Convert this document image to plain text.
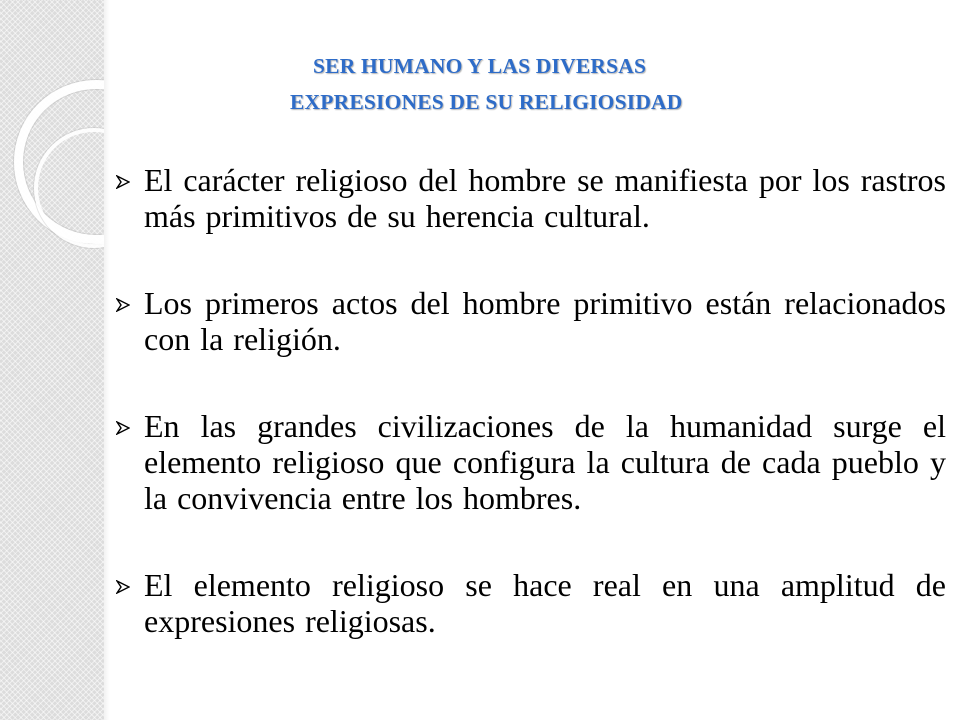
SER HUMANO Y LAS DIVERSAS
EXPRESIONES DE SU RELIGIOSIDAD
El carácter religioso del hombre se manifiesta por los rastros más primitivos de su herencia cultural.
Los primeros actos del hombre primitivo están relacionados con la religión.
En las grandes civilizaciones de la humanidad surge el elemento religioso que configura la cultura de cada pueblo y la convivencia entre los hombres.
El elemento religioso se hace real en una amplitud de expresiones religiosas.
